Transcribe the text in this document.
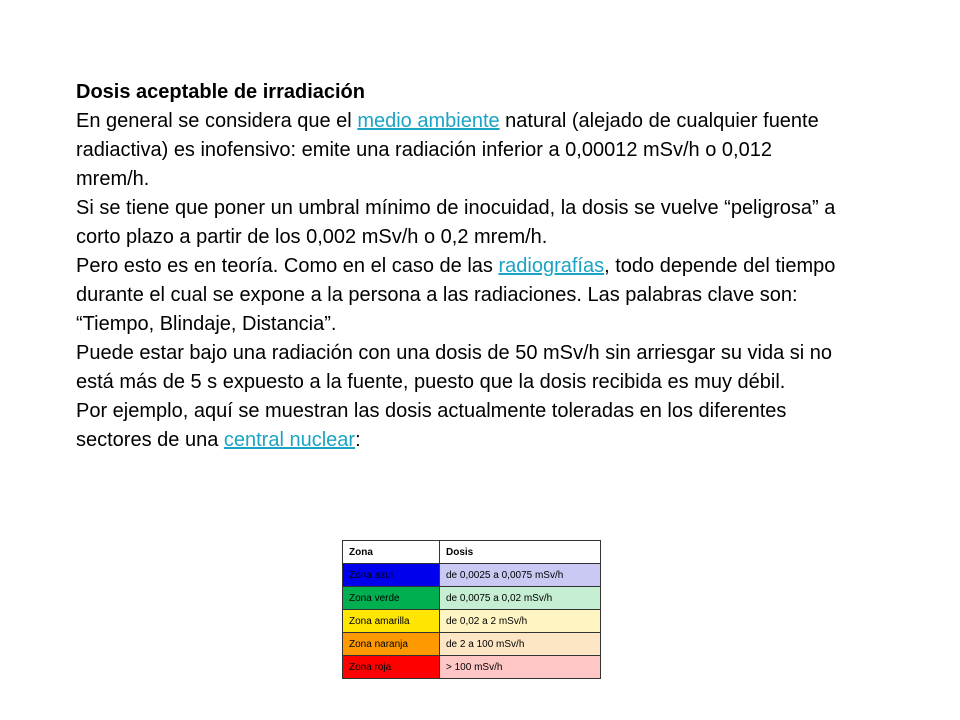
Dosis aceptable de irradiación

En general se considera que el medio ambiente natural (alejado de cualquier fuente radiactiva) es inofensivo: emite una radiación inferior a 0,00012 mSv/h o 0,012 mrem/h.

Si se tiene que poner un umbral mínimo de inocuidad, la dosis se vuelve “peligrosa” a corto plazo a partir de los 0,002 mSv/h o 0,2 mrem/h.

Pero esto es en teoría. Como en el caso de las radiografías, todo depende del tiempo durante el cual se expone a la persona a las radiaciones. Las palabras clave son: “Tiempo, Blindaje, Distancia”.

Puede estar bajo una radiación con una dosis de 50 mSv/h sin arriesgar su vida si no está más de 5 s expuesto a la fuente, puesto que la dosis recibida es muy débil.

Por ejemplo, aquí se muestran las dosis actualmente toleradas en los diferentes sectores de una central nuclear:

Zona	Dosis
Zona azul	de 0,0025 a 0,0075 mSv/h
Zona verde	de 0,0075 a 0,02 mSv/h
Zona amarilla	de 0,02 a 2 mSv/h
Zona naranja	de 2 a 100 mSv/h
Zona roja	> 100 mSv/h
